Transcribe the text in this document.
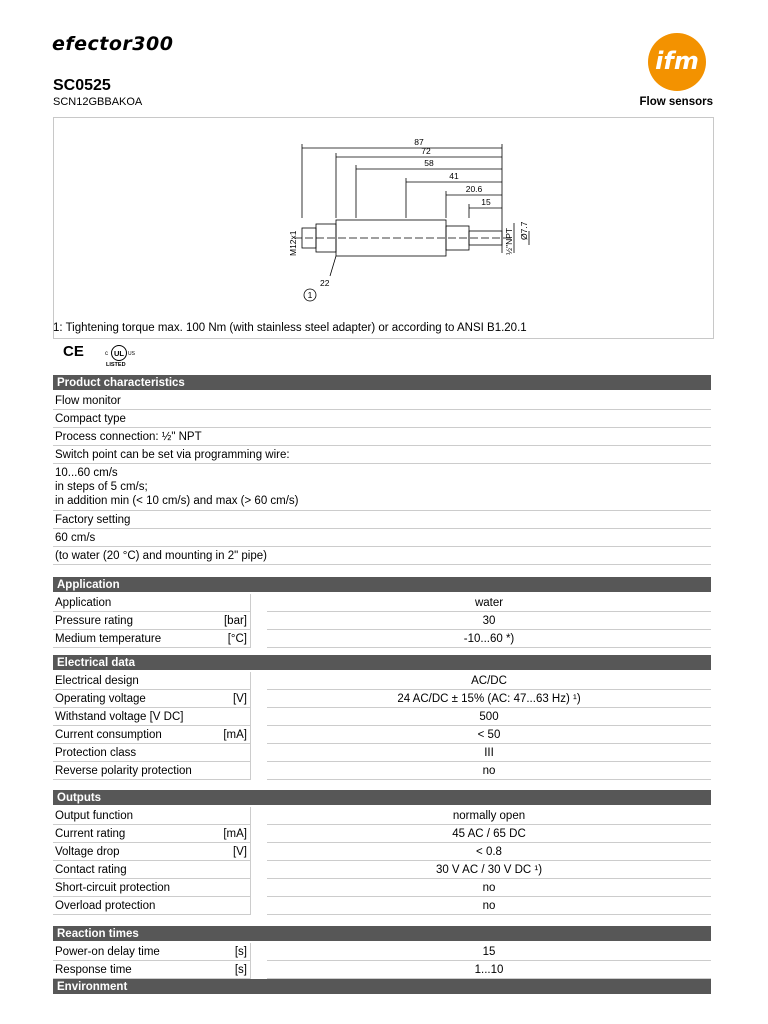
efector300
ifm
SC0525
SCN12GBBAKOA	Flow sensors
87
72
58
41
20.6
15
M12x1	½"NPT Ø7.7
22
1
1: Tightening torque max. 100 Nm (with stainless steel adapter) or according to ANSI B1.20.1
CE	UL
c	US
LISTED
Product characteristics
Flow monitor
Compact type
Process connection: ½" NPT
Switch point can be set via programming wire:
10...60 cm/s
in steps of 5 cm/s;
in addition min (< 10 cm/s) and max (> 60 cm/s)
Factory setting
60 cm/s
(to water (20 °C) and mounting in 2" pipe)
Application			
Application			water
Pressure rating	[bar]		30
Medium temperature	[°C]		-10...60 *)
Electrical data			
Electrical design			AC/DC
Operating voltage	[V]		24 AC/DC ± 15% (AC: 47...63 Hz) ¹)
Withstand voltage [V DC]			500
Current consumption	[mA]		< 50
Protection class			III
Reverse polarity protection			no
Outputs			
Output function			normally open
Current rating	[mA]		45 AC / 65 DC
Voltage drop	[V]		< 0.8
Contact rating			30 V AC / 30 V DC ¹)
Short-circuit protection			no
Overload protection			no
Reaction times			
Power-on delay time	[s]		15
Response time	[s]		1...10
Environment			
